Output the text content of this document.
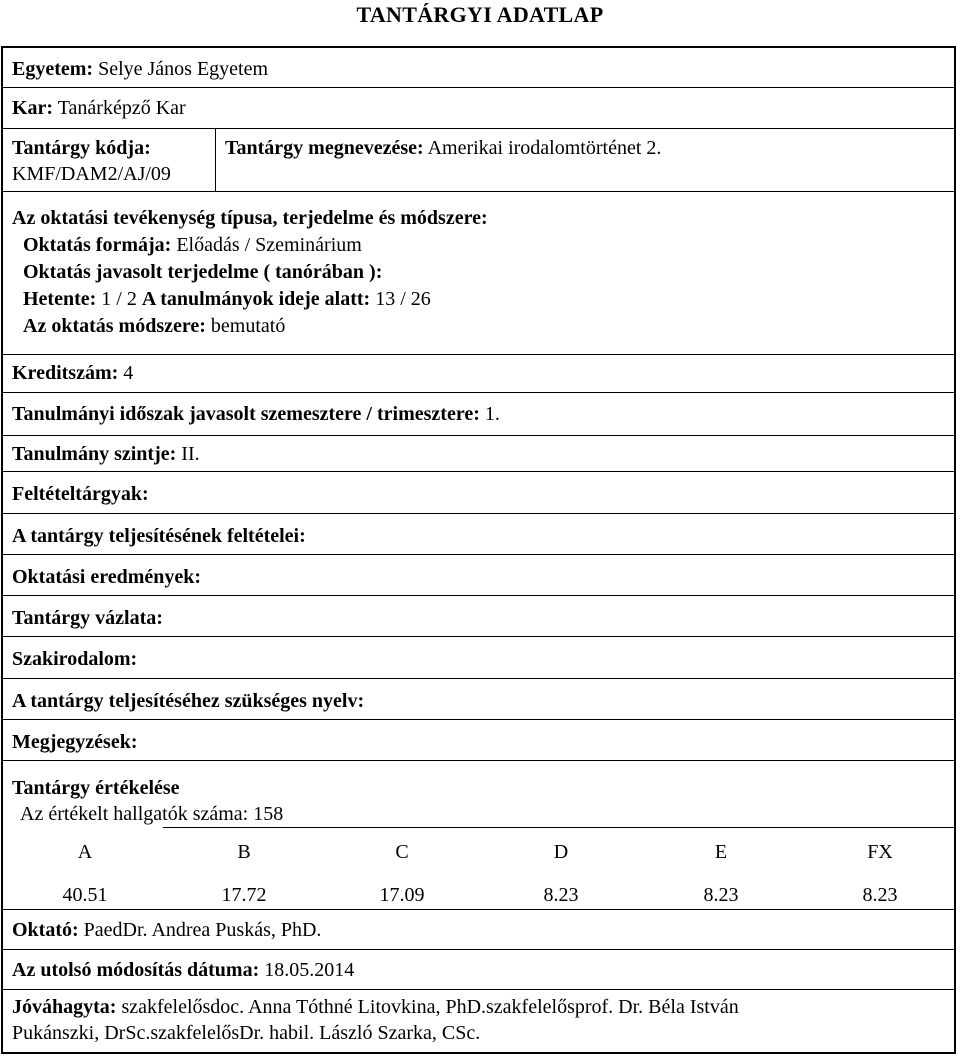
TANTÁRGYI ADATLAP
Egyetem: Selye János Egyetem
Kar: Tanárképző Kar
Tantárgy kódja:
KMF/DAM2/AJ/09
Tantárgy megnevezése: Amerikai irodalomtörténet 2.
Az oktatási tevékenység típusa, terjedelme és módszere:
Oktatás formája: Előadás / Szeminárium
Oktatás javasolt terjedelme ( tanórában ):
Hetente: 1 / 2 A tanulmányok ideje alatt: 13 / 26
Az oktatás módszere: bemutató
Kreditszám: 4
Tanulmányi időszak javasolt szemesztere / trimesztere: 1.
Tanulmány szintje: II.
Feltételtárgyak:
A tantárgy teljesítésének feltételei:
Oktatási eredmények:
Tantárgy vázlata:
Szakirodalom:
A tantárgy teljesítéséhez szükséges nyelv:
Megjegyzések:
Tantárgy értékelése
Az értékelt hallgatók száma: 158
A	B	C	D	E	FX
40.51	17.72	17.09	8.23	8.23	8.23
Oktató: PaedDr. Andrea Puskás, PhD.
Az utolsó módosítás dátuma: 18.05.2014
Jóváhagyta: szakfelelősdoc. Anna Tóthné Litovkina, PhD.szakfelelősprof. Dr. Béla István
Pukánszki, DrSc.szakfelelősDr. habil. László Szarka, CSc.
